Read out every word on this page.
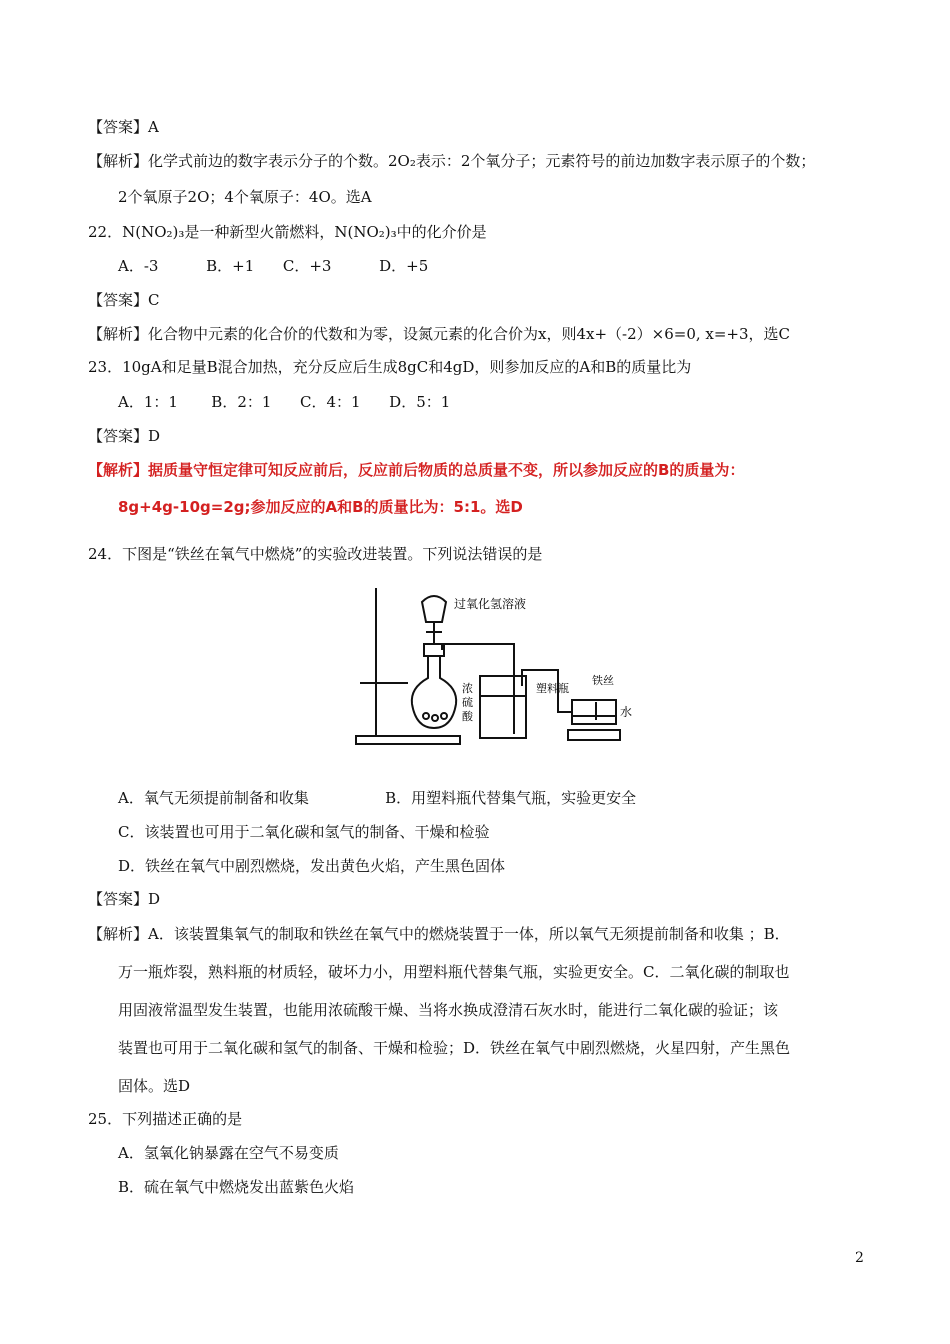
【答案】A
【解析】化学式前边的数字表示分子的个数。2O₂表示：2个氧分子；元素符号的前边加数字表示原子的个数；
2个氧原子2O；4个氧原子：4O。选A
22．N(NO₂)₃是一种新型火箭燃料，N(NO₂)₃中的化介价是
A．-3          B．+1      C．+3          D．+5
【答案】C
【解析】化合物中元素的化合价的代数和为零，设氮元素的化合价为x，则4x+（-2）×6=0, x=+3，选C
23．10gA和足量B混合加热，充分反应后生成8gC和4gD，则参加反应的A和B的质量比为
A．1：1       B．2：1      C．4：1      D．5：1
【答案】D
【解析】据质量守恒定律可知反应前后，反应前后物质的总质量不变，所以参加反应的B的质量为：
8g+4g-10g=2g;参加反应的A和B的质量比为：5:1。选D
24．下图是“铁丝在氧气中燃烧”的实验改进装置。下列说法错误的是
过氧化氢溶液
浓
硫
酸
塑料瓶
铁丝
水
A．氧气无须提前制备和收集                B．用塑料瓶代替集气瓶，实验更安全
C．该装置也可用于二氧化碳和氢气的制备、干燥和检验
D．铁丝在氧气中剧烈燃烧，发出黄色火焰，产生黑色固体
【答案】D
【解析】A．该装置集氧气的制取和铁丝在氧气中的燃烧装置于一体，所以氧气无须提前制备和收集 ；B．
万一瓶炸裂，熟料瓶的材质轻，破坏力小，用塑料瓶代替集气瓶，实验更安全。C．二氧化碳的制取也
用固液常温型发生装置，也能用浓硫酸干燥、当将水换成澄清石灰水时，能进行二氧化碳的验证；该
装置也可用于二氧化碳和氢气的制备、干燥和检验；D．铁丝在氧气中剧烈燃烧，火星四射，产生黑色
固体。选D
25．下列描述正确的是
A．氢氧化钠暴露在空气不易变质
B．硫在氧气中燃烧发出蓝紫色火焰
2
